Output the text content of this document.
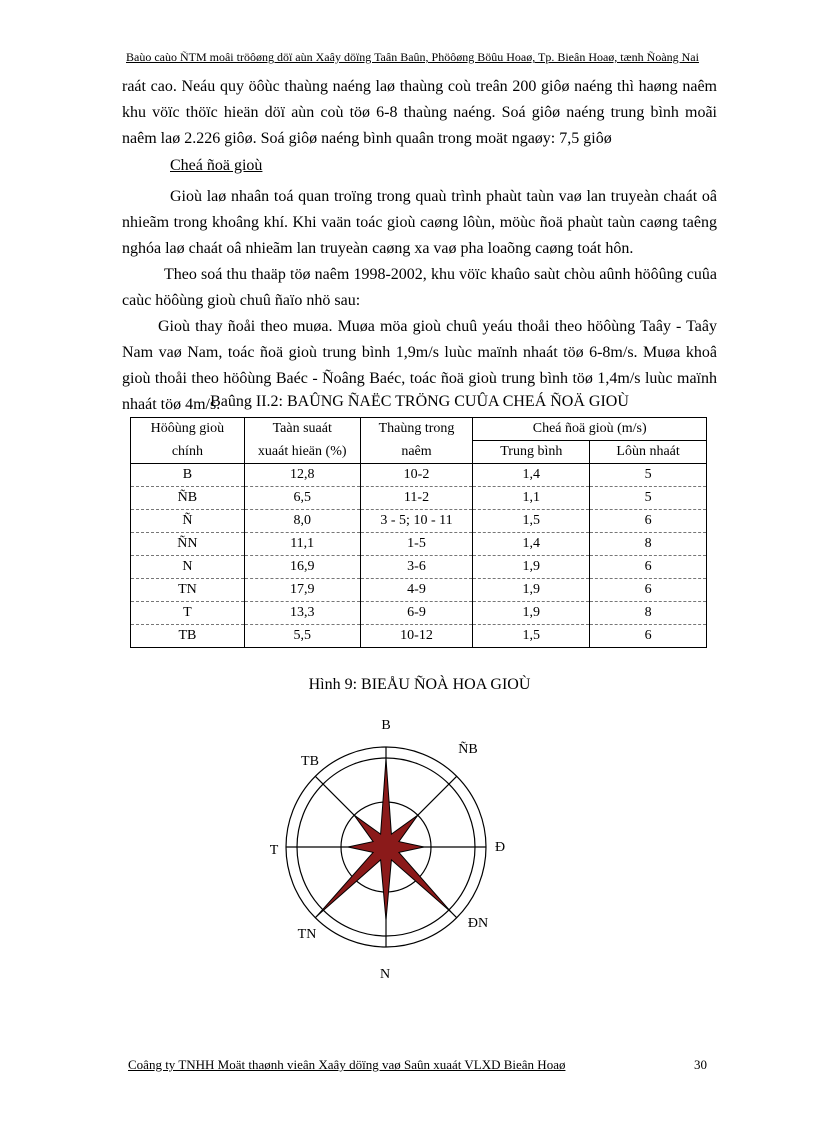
Baùo caùo ÑTM moâi tröôøng döï aùn Xaây döïng Taân Baûn, Phöôøng Böûu Hoaø, Tp. Bieân Hoaø, tænh Ñoàng Nai

raát cao. Neáu quy öôùc thaùng naéng laø thaùng coù treân 200 giôø naéng thì haøng naêm khu vöïc thöïc hieän döï aùn coù töø 6-8 thaùng naéng. Soá giôø naéng trung bình moãi naêm laø 2.226 giôø. Soá giôø naéng bình quaân trong moät ngaøy: 7,5 giôø

Cheá ñoä gioù

Gioù laø nhaân toá quan troïng trong quaù trình phaùt taùn vaø lan truyeàn chaát oâ nhieãm trong khoâng khí. Khi vaän toác gioù caøng lôùn, möùc ñoä phaùt taùn caøng taêng nghóa laø chaát oâ nhieãm lan truyeàn caøng xa vaø pha loaõng caøng toát hôn.

Theo soá thu thaäp töø naêm 1998-2002, khu vöïc khaûo saùt chòu aûnh höôûng cuûa caùc höôùng gioù chuû ñaïo nhö sau:

Gioù thay ñoåi theo muøa. Muøa möa gioù chuû yeáu thoåi theo höôùng Taây - Taây Nam vaø Nam, toác ñoä gioù trung bình 1,9m/s luùc maïnh nhaát töø 6-8m/s. Muøa khoâ gioù thoåi theo höôùng Baéc - Ñoâng Baéc, toác ñoä gioù trung bình töø 1,4m/s luùc maïnh nhaát töø 4m/s.

Baûng II.2: BAÛNG ÑAËC TRÖNG CUÛA CHEÁ ÑOÄ GIOÙ
Höôùng gioù	Taàn suaát	Thaùng trong	Cheá ñoä gioù (m/s)	
chính	xuaát hieän (%)	naêm	Trung bình	Lôùn nhaát
B	12,8	10-2	1,4	5
ÑB	6,5	11-2	1,1	5
Ñ	8,0	3 - 5; 10 - 11	1,5	6
ÑN	11,1	1-5	1,4	8
N	16,9	3-6	1,9	6
TN	17,9	4-9	1,9	6
T	13,3	6-9	1,9	8
TB	5,5	10-12	1,5	6
Hình 9: BIEÅU ÑOÀ HOA GIOÙ
B
ÑB
Đ
ĐN
N
TN
T
TB
Coâng ty TNHH Moät thaønh vieân Xaây döïng vaø Saûn xuaát VLXD Bieân Hoaø	30
